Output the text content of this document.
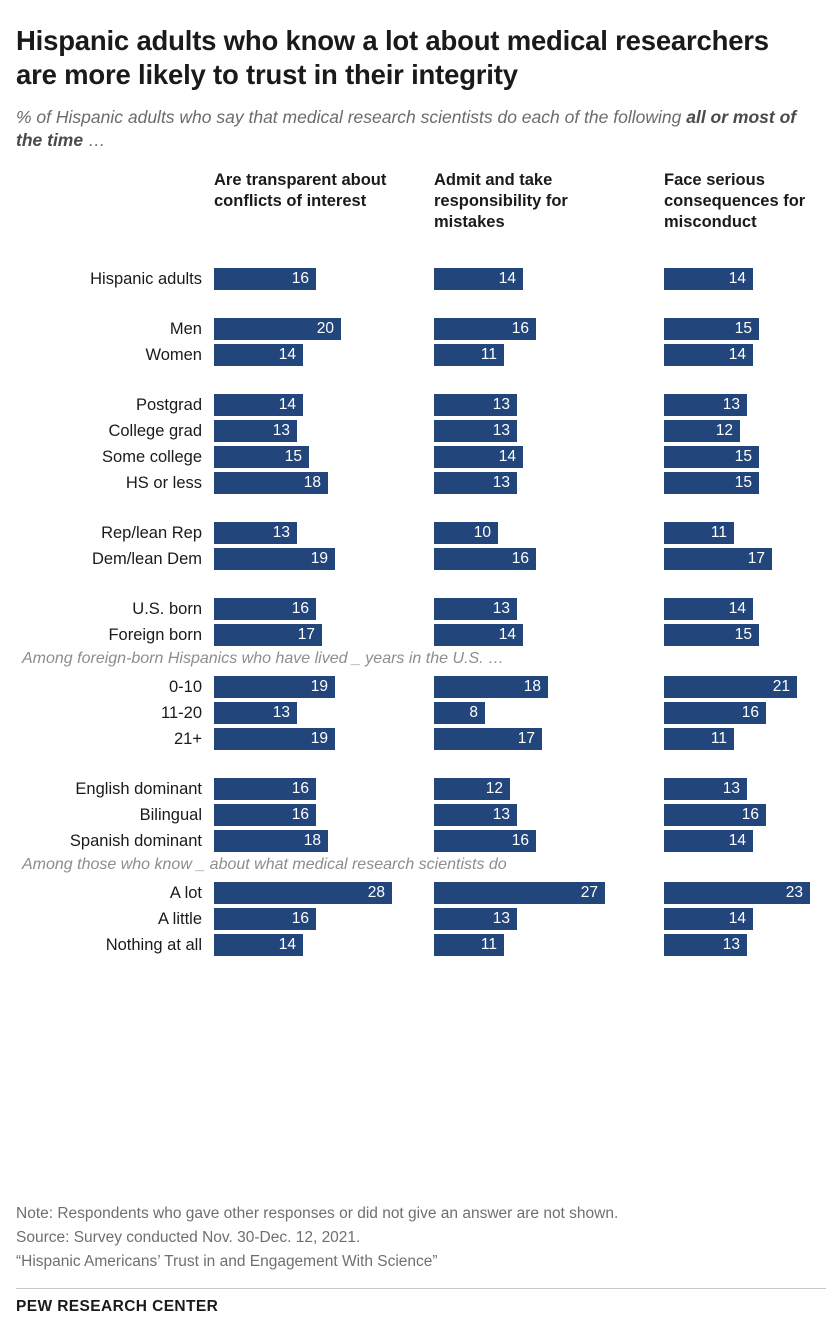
Hispanic adults who know a lot about medical researchers are more likely to trust in their integrity
% of Hispanic adults who say that medical research scientists do each of the following all or most of the time …
Are transparent about conflicts of interest
Admit and take responsibility for mistakes
Face serious consequences for misconduct
Hispanic adults	16	14	14
Men	20	16	15
Women	14	11	14
Postgrad	14	13	13
College grad	13	13	12
Some college	15	14	15
HS or less	18	13	15
Rep/lean Rep	13	10	11
Dem/lean Dem	19	16	17
U.S. born	16	13	14
Foreign born	17	14	15
Among foreign-born Hispanics who have lived _ years in the U.S. …
0-10	19	18	21
11-20	13	8	16
21+	19	17	11
English dominant	16	12	13
Bilingual	16	13	16
Spanish dominant	18	16	14
Among those who know _ about what medical research scientists do
A lot	28	27	23
A little	16	13	14
Nothing at all	14	11	13
Note: Respondents who gave other responses or did not give an answer are not shown.
Source: Survey conducted Nov. 30-Dec. 12, 2021.
“Hispanic Americans’ Trust in and Engagement With Science”
PEW RESEARCH CENTER
